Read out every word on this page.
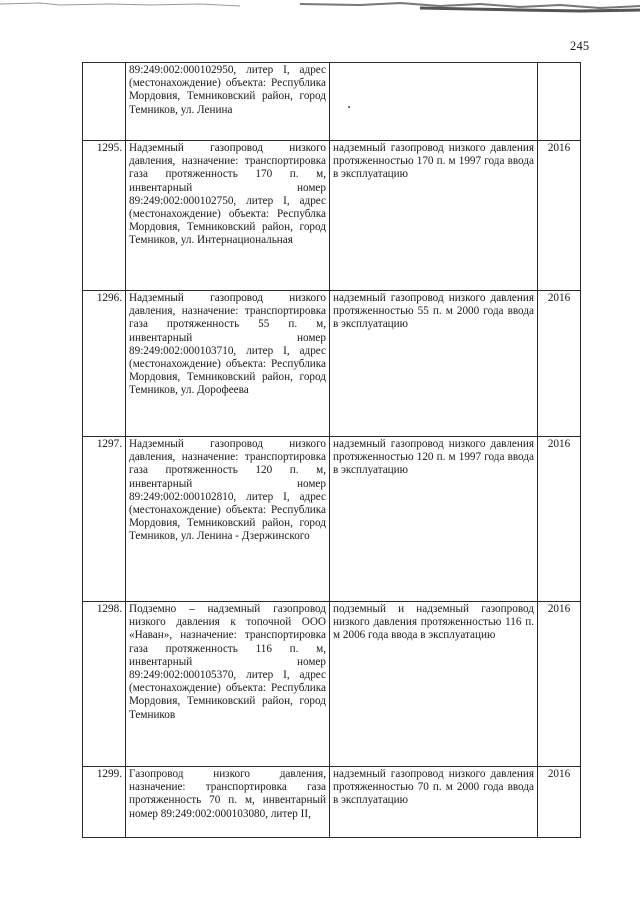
245
	89:249:002:000102950, литер I, адрес (местонахождение) объекта: Республика Мордовия, Темниковский район, город Темников, ул. Ленина		
1295.	Надземный газопровод низкого давления, назначение: транспортировка газа протяженность 170 п. м, инвентарный номер 89:249:002:000102750, литер I, адрес (местонахождение) объекта: Республка Мордовия, Темниковский район, город Темников, ул. Интернациональная	надземный газопровод низкого давления протяженностью 170 п. м 1997 года ввода в эксплуатацию	2016
1296.	Надземный газопровод низкого давления, назначение: транспортировка газа протяженность 55 п. м, инвентарный номер 89:249:002:000103710, литер I, адрес (местонахождение) объекта: Республика Мордовия, Темниковский район, город Темников, ул. Дорофеева	надземный газопровод низкого давления протяженностью 55 п. м 2000 года ввода в эксплуатацию	2016
1297.	Надземный газопровод низкого давления, назначение: транспортировка газа протяженность 120 п. м, инвентарный номер 89:249:002:000102810, литер I, адрес (местонахождение) объекта: Республика Мордовия, Темниковский район, город Темников, ул. Ленина - Дзержинского	надземный газопровод низкого давления протяженностью 120 п. м 1997 года ввода в эксплуатацию	2016
1298.	Подземно – надземный газопровод низкого давления к топочной ООО «Наван», назначение: транспортировка газа протяженность 116 п. м, инвентарный номер 89:249:002:000105370, литер I, адрес (местонахождение) объекта: Республика Мордовия, Темниковский район, город Темников	подземный и надземный газопровод низкого давления протяженностью 116 п. м 2006 года ввода в эксплуатацию	2016
1299.	Газопровод низкого давления, назначение: транспортировка газа протяженность 70 п. м, инвентарный номер 89:249:002:000103080, литер II,	надземный газопровод низкого давления протяженностью 70 п. м 2000 года ввода в эксплуатацию	2016
